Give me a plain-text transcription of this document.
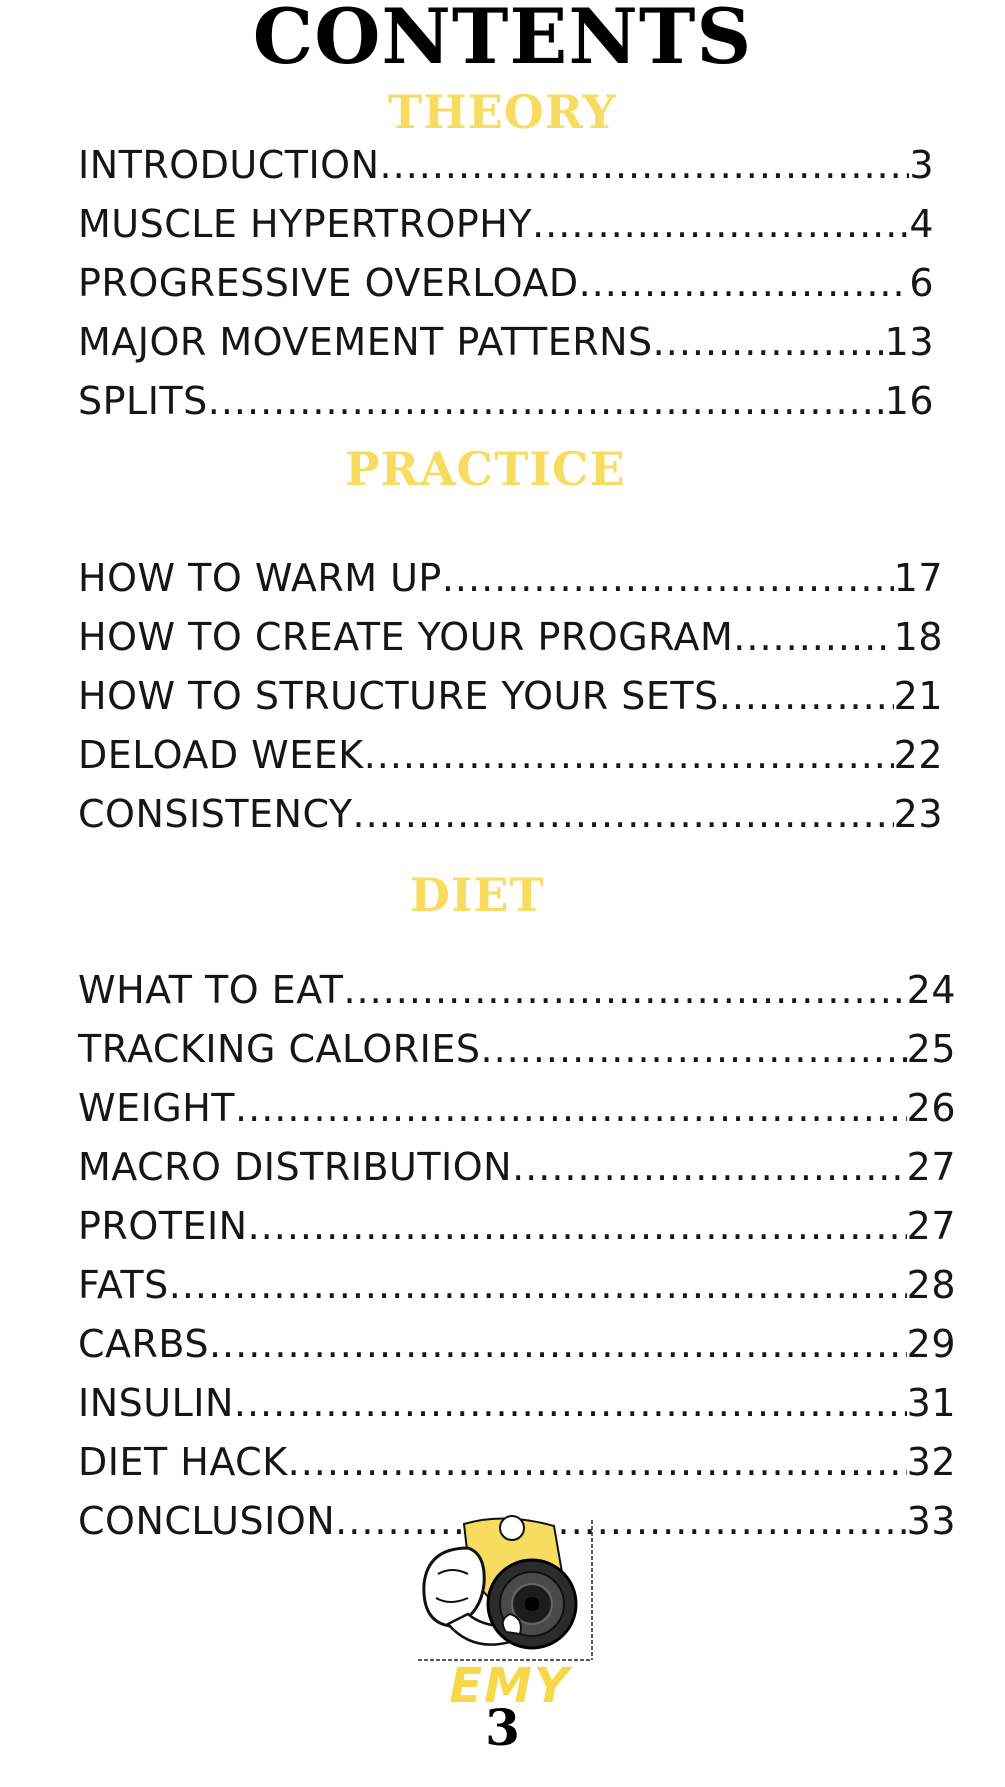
CONTENTS
THEORY
INTRODUCTION .....	3
MUSCLE HYPERTROPHY .....	4
PROGRESSIVE OVERLOAD .....	6
MAJOR MOVEMENT PATTERNS .....	13
SPLITS .....	16
PRACTICE
HOW TO WARM UP .....	17
HOW TO CREATE YOUR PROGRAM .....	18
HOW TO STRUCTURE YOUR SETS .....	21
DELOAD WEEK .....	22
CONSISTENCY .....	23
DIET
WHAT TO EAT .....	24
TRACKING CALORIES .....	25
WEIGHT .....	26
MACRO DISTRIBUTION .....	27
PROTEIN .....	27
FATS .....	28
CARBS .....	29
INSULIN .....	31
DIET HACK .....	32
CONCLUSION .....	33
EMY
3
